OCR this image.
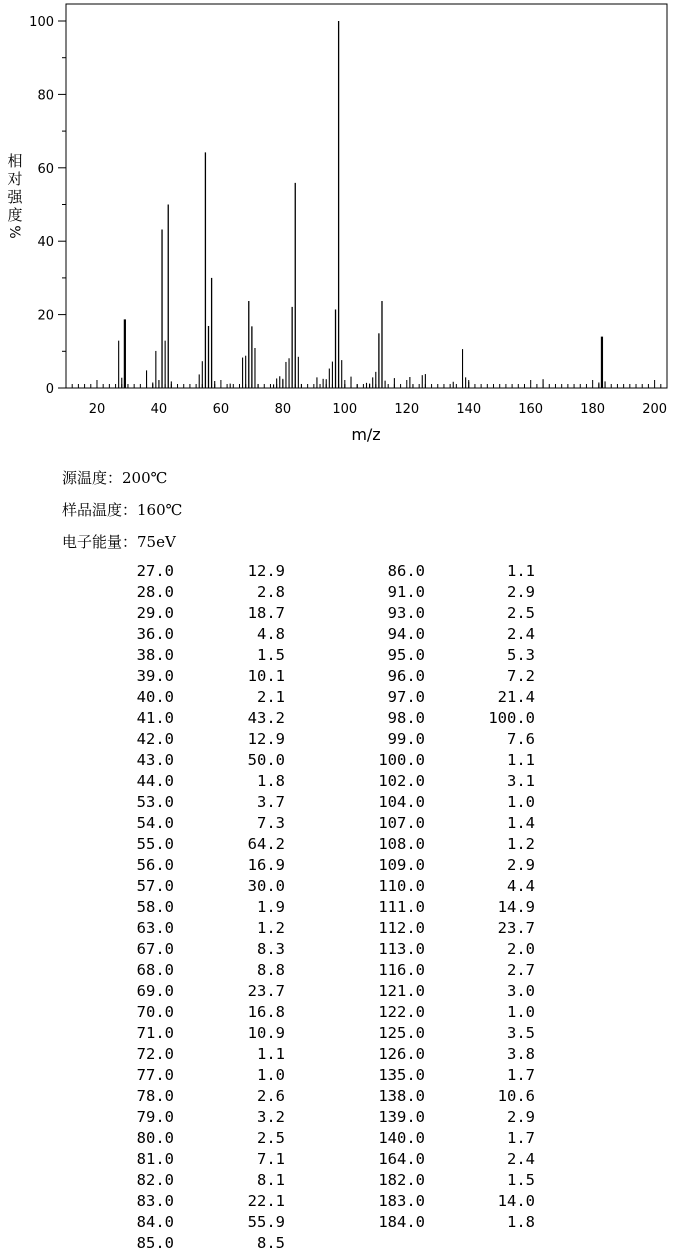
20	40	60	80	100	120	140	160	180	200
0
20
40
60
80
100
m/z
相
对
强
度
%
源温度：200℃
样品温度：160℃
电子能量：75eV
27.0	12.9	86.0	1.1
28.0	2.8	91.0	2.9
29.0	18.7	93.0	2.5
36.0	4.8	94.0	2.4
38.0	1.5	95.0	5.3
39.0	10.1	96.0	7.2
40.0	2.1	97.0	21.4
41.0	43.2	98.0	100.0
42.0	12.9	99.0	7.6
43.0	50.0	100.0	1.1
44.0	1.8	102.0	3.1
53.0	3.7	104.0	1.0
54.0	7.3	107.0	1.4
55.0	64.2	108.0	1.2
56.0	16.9	109.0	2.9
57.0	30.0	110.0	4.4
58.0	1.9	111.0	14.9
63.0	1.2	112.0	23.7
67.0	8.3	113.0	2.0
68.0	8.8	116.0	2.7
69.0	23.7	121.0	3.0
70.0	16.8	122.0	1.0
71.0	10.9	125.0	3.5
72.0	1.1	126.0	3.8
77.0	1.0	135.0	1.7
78.0	2.6	138.0	10.6
79.0	3.2	139.0	2.9
80.0	2.5	140.0	1.7
81.0	7.1	164.0	2.4
82.0	8.1	182.0	1.5
83.0	22.1	183.0	14.0
84.0	55.9	184.0	1.8
85.0	8.5
